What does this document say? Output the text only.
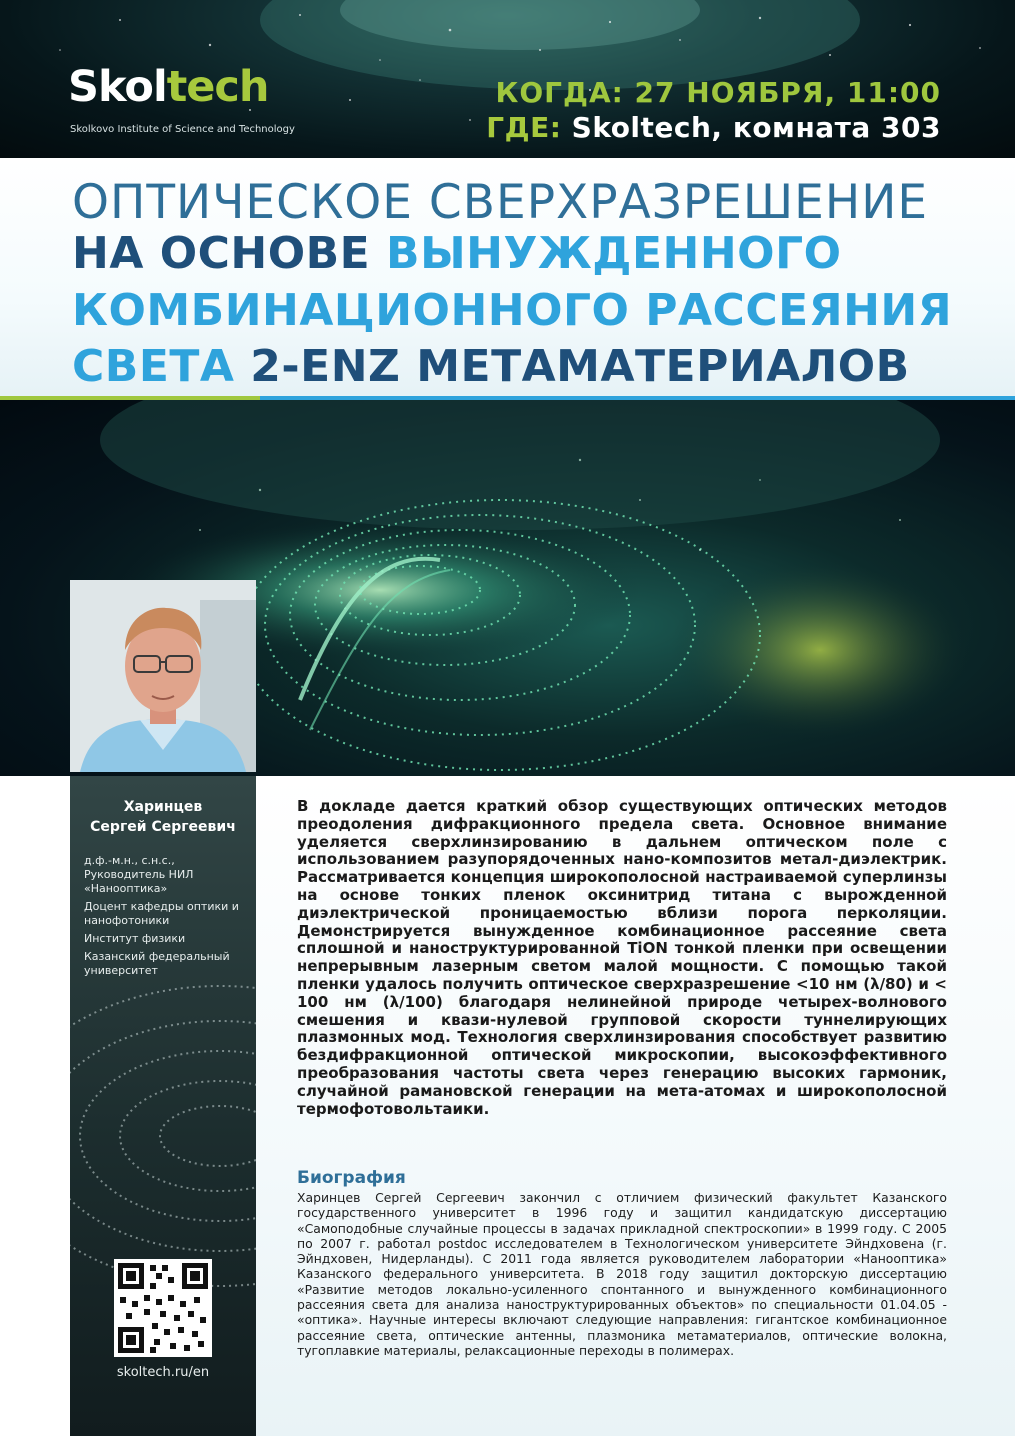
Skoltech
Skolkovo Institute of Science and Technology
КОГДА: 27 НОЯБРЯ, 11:00
ГДЕ: Skoltech, комната 303
ОПТИЧЕСКОЕ СВЕРХРАЗРЕШЕНИЕ
НА ОСНОВЕ ВЫНУЖДЕННОГО
КОМБИНАЦИОННОГО РАССЕЯНИЯ
СВЕТА 2-ENZ МЕТАМАТЕРИАЛОВ
Харинцев
Сергей Сергеевич
д.ф.-м.н., с.н.с., Руководитель НИЛ «Нанооптика»
Доцент кафедры оптики и нанофотоники
Институт физики
Казанский федеральный университет
skoltech.ru/en
В докладе дается краткий обзор существующих оптических методов преодоления дифракционного предела света. Основное внимание уделяется сверхлинзированию в дальнем оптическом поле с использованием разупорядоченных нано-композитов метал-диэлектрик. Рассматривается концепция широкополосной настраиваемой суперлинзы на основе тонких пленок оксинитрид титана с вырожденной диэлектрической проницаемостью вблизи порога перколяции. Демонстрируется вынужденное комбинационное рассеяние света сплошной и наноструктурированной TiON тонкой пленки при освещении непрерывным лазерным светом малой мощности. С помощью такой пленки удалось получить оптическое сверхразрешение <10 нм (λ/80) и < 100 нм (λ/100) благодаря нелинейной природе четырех-волнового смешения и квази-нулевой групповой скорости туннелирующих плазмонных мод. Технология сверхлинзирования способствует развитию бездифракционной оптической микроскопии, высокоэффективного преобразования частоты света через генерацию высоких гармоник, случайной рамановской генерации на мета-атомах и широкополосной термофотовольтаики.
Биография
Харинцев Сергей Сергеевич закончил с отличием физический факультет Казанского государственного университет в 1996 году и защитил кандидатскую диссертацию «Самоподобные случайные процессы в задачах прикладной спектроскопии» в 1999 году. С 2005 по 2007 г. работал postdoc исследователем в Технологическом университете Эйндховена (г. Эйндховен, Нидерланды). С 2011 года является руководителем лаборатории «Нанооптика» Казанского федерального университета. В 2018 году защитил докторскую диссертацию «Развитие методов локально-усиленного спонтанного и вынужденного комбинационного рассеяния света для анализа наноструктурированных объектов» по специальности 01.04.05 - «оптика». Научные интересы включают следующие направления: гигантское комбинационное рассеяние света, оптические антенны, плазмоника метаматериалов, оптические волокна, тугоплавкие материалы, релаксационные переходы в полимерах.
